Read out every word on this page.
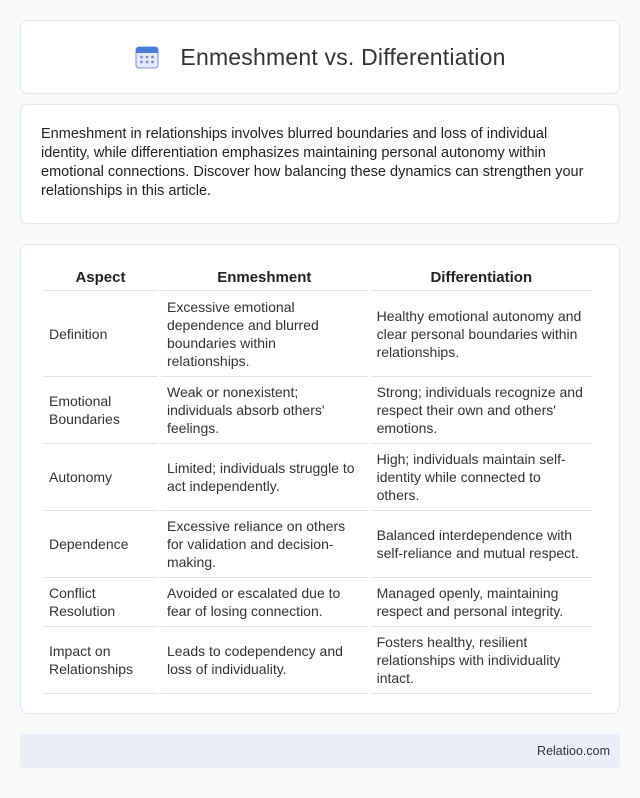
Enmeshment vs. Differentiation

Enmeshment in relationships involves blurred boundaries and loss of individual identity, while differentiation emphasizes maintaining personal autonomy within emotional connections. Discover how balancing these dynamics can strengthen your relationships in this article.

Aspect	Enmeshment	Differentiation
Definition	Excessive emotional dependence and blurred boundaries within relationships.	Healthy emotional autonomy and clear personal boundaries within relationships.
Emotional Boundaries	Weak or nonexistent; individuals absorb others' feelings.	Strong; individuals recognize and respect their own and others' emotions.
Autonomy	Limited; individuals struggle to act independently.	High; individuals maintain self-identity while connected to others.
Dependence	Excessive reliance on others for validation and decision-making.	Balanced interdependence with self-reliance and mutual respect.
Conflict Resolution	Avoided or escalated due to fear of losing connection.	Managed openly, maintaining respect and personal integrity.
Impact on Relationships	Leads to codependency and loss of individuality.	Fosters healthy, resilient relationships with individuality intact.
Relatioo.com
